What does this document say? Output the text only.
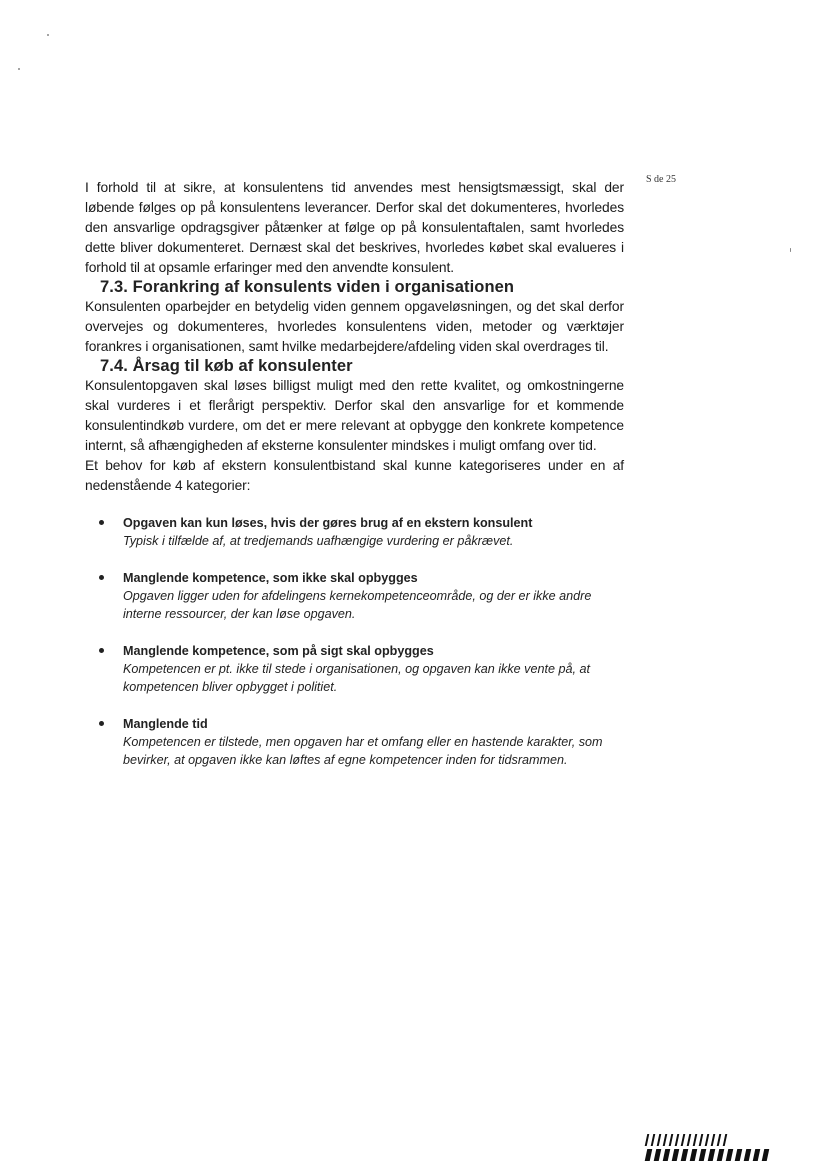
S de 25

I forhold til at sikre, at konsulentens tid anvendes mest hensigtsmæssigt, skal der løbende følges op på konsulentens leverancer. Derfor skal det dokumenteres, hvorledes den ansvarlige opdragsgiver påtænker at følge op på konsulentaftalen, samt hvorledes dette bliver dokumenteret. Dernæst skal det beskrives, hvorledes købet skal evalueres i forhold til at opsamle erfaringer med den anvendte konsulent.

7.3. Forankring af konsulents viden i organisationen

Konsulenten oparbejder en betydelig viden gennem opgaveløsningen, og det skal derfor overvejes og dokumenteres, hvorledes konsulentens viden, metoder og værktøjer forankres i organisationen, samt hvilke medarbejdere/afdeling viden skal overdrages til.

7.4. Årsag til køb af konsulenter

Konsulentopgaven skal løses billigst muligt med den rette kvalitet, og omkostningerne skal vurderes i et flerårigt perspektiv. Derfor skal den ansvarlige for et kommende konsulentindkøb vurdere, om det er mere relevant at opbygge den konkrete kompetence internt, så afhængigheden af eksterne konsulenter mindskes i muligt omfang over tid.

Et behov for køb af ekstern konsulentbistand skal kunne kategoriseres under en af nedenstående 4 kategorier:

Opgaven kan kun løses, hvis der gøres brug af en ekstern konsulent
Typisk i tilfælde af, at tredjemands uafhængige vurdering er påkrævet.
Manglende kompetence, som ikke skal opbygges
Opgaven ligger uden for afdelingens kernekompetenceområde, og der er ikke andre interne ressourcer, der kan løse opgaven.
Manglende kompetence, som på sigt skal opbygges
Kompetencen er pt. ikke til stede i organisationen, og opgaven kan ikke vente på, at kompetencen bliver opbygget i politiet.
Manglende tid
Kompetencen er tilstede, men opgaven har et omfang eller en hastende karakter, som bevirker, at opgaven ikke kan løftes af egne kompetencer inden for tidsrammen.
